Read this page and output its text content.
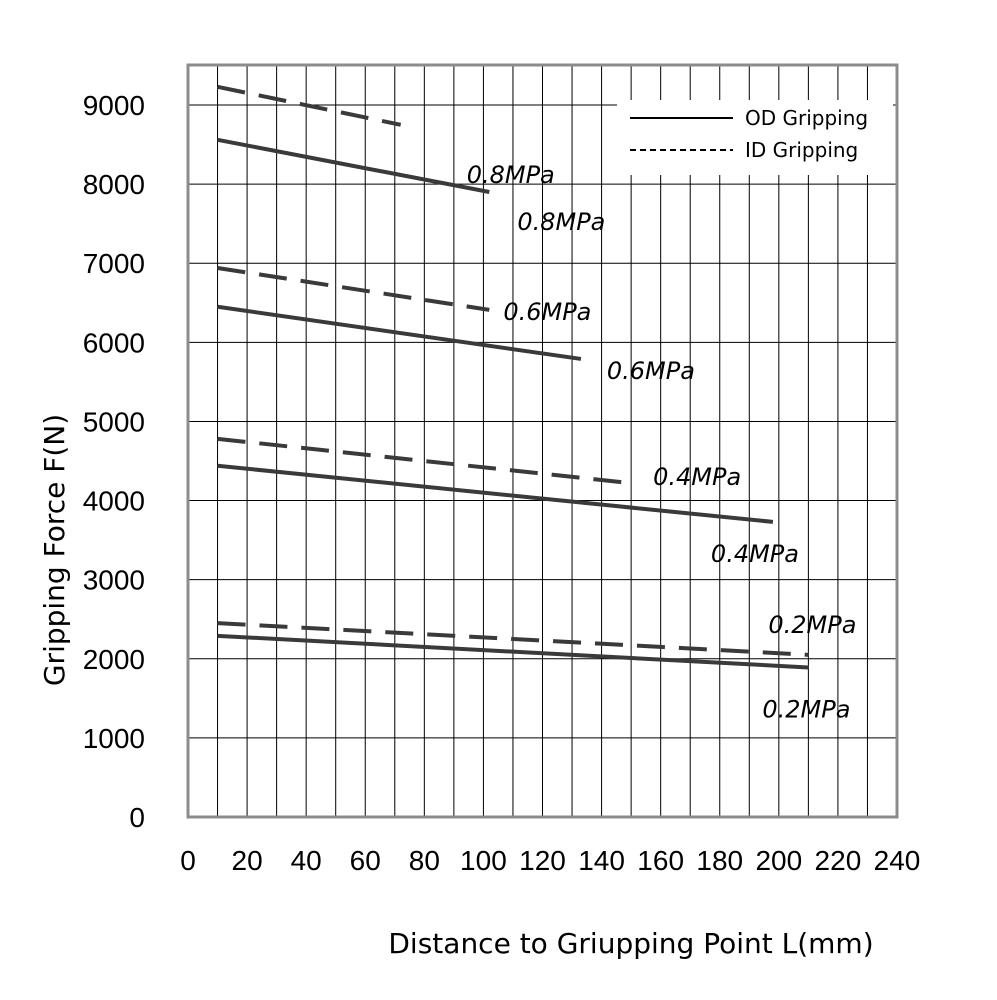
0 20 40 60 80 100 120 140 160 180 200 220 240
0
1000
2000
3000
4000
5000
6000
7000
8000
9000	OD Gripping
ID Gripping
0.8MPa
0.8MPa
0.6MPa
0.6MPa
0.4MPa
0.4MPa
0.2MPa
0.2MPa
Distance to Griupping Point L(mm)
Gripping Force F(N)
